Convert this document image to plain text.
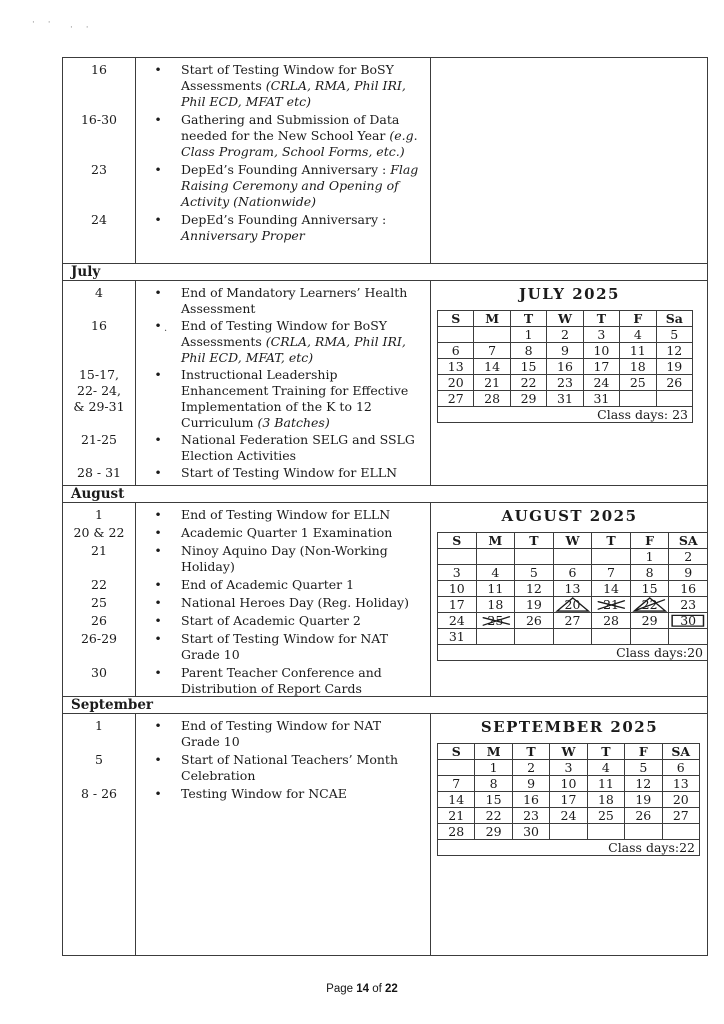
· · · ·
·
16	•	Start of Testing Window for BoSY Assessments (CRLA, RMA, Phil IRI, Phil ECD, MFAT etc)
16-30	•	Gathering and Submission of Data needed for the New School Year (e.g. Class Program, School Forms, etc.)
23	•	DepEd’s Founding Anniversary : Flag Raising Ceremony and Opening of Activity (Nationwide)
24	•	DepEd’s Founding Anniversary : Anniversary Proper
July
4	•	End of Mandatory Learners’ Health Assessment
16	•	End of Testing Window for BoSY Assessments (CRLA, RMA, Phil IRI, Phil ECD, MFAT, etc)
15-17,
22- 24,
& 29-31
•	Instructional Leadership Enhancement Training for Effective Implementation of the K to 12 Curriculum (3 Batches)
21-25	•	National Federation SELG and SSLG Election Activities
28 - 31	•	Start of Testing Window for ELLN
JULY 2025
S	M	T	W	T	F	Sa
		1	2	3	4	5
6	7	8	9	10	11	12
13	14	15	16	17	18	19
20	21	22	23	24	25	26
27	28	29	31	31		
Class days: 23						
August
1	•	End of Testing Window for ELLN
20 & 22	•	Academic Quarter 1 Examination
21	•	Ninoy Aquino Day (Non-Working Holiday)
22	•	End of Academic Quarter 1
25	•	National Heroes Day (Reg. Holiday)
26	•	Start of Academic Quarter 2
26-29	•	Start of Testing Window for NAT Grade 10
30	•	Parent Teacher Conference and Distribution of Report Cards
AUGUST 2025
S	M	T	W	T	F	SA
					1	2
3	4	5	6	7	8	9
10	11	12	13	14	15	16
17	18	19	20	21	22	23
24	25	26	27	28	29	30

31						
Class days:20						
September
1	•	End of Testing Window for NAT Grade 10
5	•	Start of National Teachers’ Month Celebration
8 - 26	•	Testing Window for NCAE
SEPTEMBER 2025
S	M	T	W	T	F	SA
	1	2	3	4	5	6
7	8	9	10	11	12	13
14	15	16	17	18	19	20
21	22	23	24	25	26	27
28	29	30				
Class days:22						
Page 14 of 22
